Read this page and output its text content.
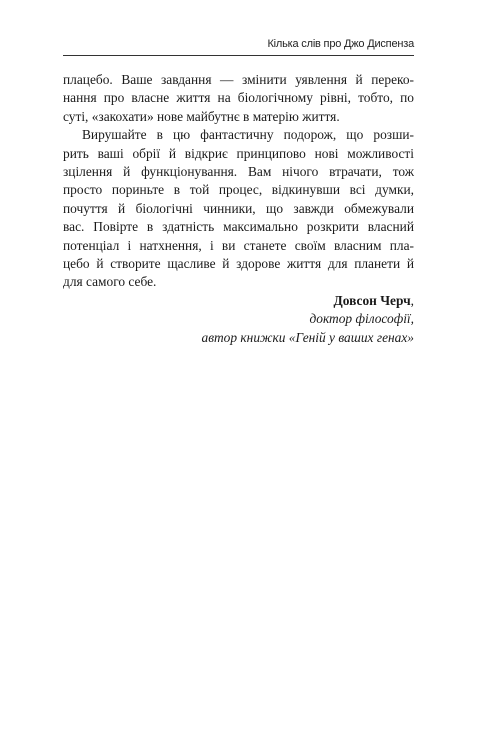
Кілька слів про Джо Диспенза
плацебо. Ваше завдання — змінити уявлення й переко-
нання про власне життя на біологічному рівні, тобто, по
суті, «закохати» нове майбутнє в матерію життя.
Вирушайте в цю фантастичну подорож, що розши-
рить ваші обрії й відкриє принципово нові можливості
зцілення й функціонування. Вам нічого втрачати, тож
просто пориньте в той процес, відкинувши всі думки,
почуття й біологічні чинники, що завжди обмежували
вас. Повірте в здатність максимально розкрити власний
потенціал і натхнення, і ви станете своїм власним пла-
цебо й створите щасливе й здорове життя для планети й
для самого себе.
Довсон Черч,
доктор філософії,
автор книжки «Геній у ваших генах»
